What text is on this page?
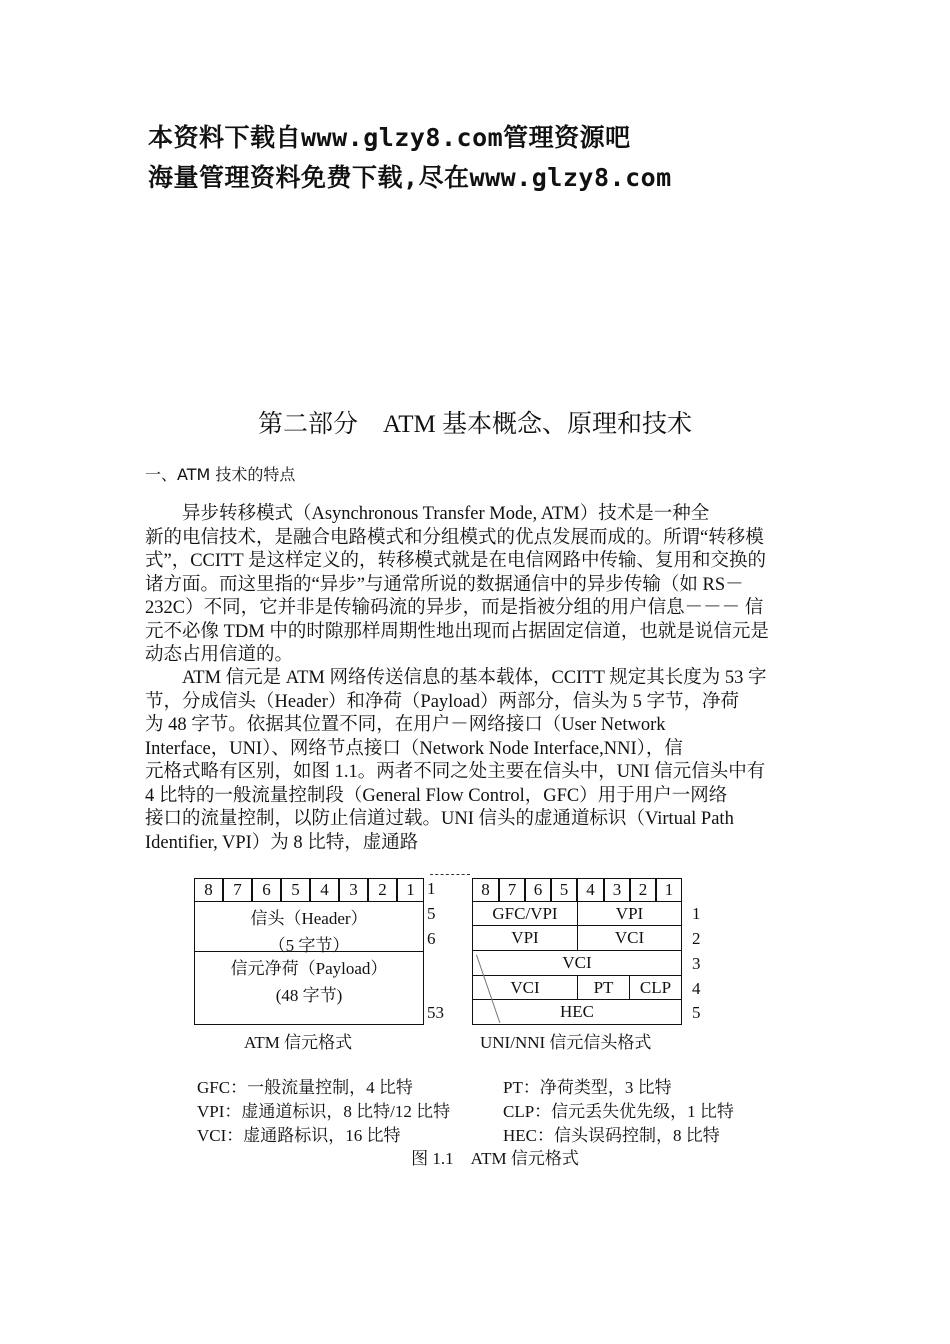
本资料下载自www.glzy8.com管理资源吧
海量管理资料免费下载,尽在www.glzy8.com
第二部分　ATM 基本概念、原理和技术
一、ATM 技术的特点
　　异步转移模式（Asynchronous Transfer Mode, ATM）技术是一种全
新的电信技术，是融合电路模式和分组模式的优点发展而成的。所谓“转移模
式”，CCITT 是这样定义的，转移模式就是在电信网路中传输、复用和交换的
诸方面。而这里指的“异步”与通常所说的数据通信中的异步传输（如 RS－
232C）不同，它并非是传输码流的异步，而是指被分组的用户信息－－－ 信
元不必像 TDM 中的时隙那样周期性地出现而占据固定信道，也就是说信元是
动态占用信道的。
　　ATM 信元是 ATM 网络传送信息的基本载体，CCITT 规定其长度为 53 字
节，分成信头（Header）和净荷（Payload）两部分，信头为 5 字节，净荷
为 48 字节。依据其位置不同，在用户－网络接口（User Network
Interface，UNI）、网络节点接口（Network Node Interface,NNI），信
元格式略有区别，如图 1.1。两者不同之处主要在信头中，UNI 信元信头中有
4 比特的一般流量控制段（General Flow Control，GFC）用于用户一网络
接口的流量控制，以防止信道过载。UNI 信头的虚通道标识（Virtual Path
Identifier, VPI）为 8 比特，虚通路
8	7	6	5	4	3	2	1
信头（Header）
（5 字节）
信元净荷（Payload）
(48 字节)
1
5
6
53
ATM 信元格式
8	7	6	5	4	3	2	1
GFC/VPI	VPI
VPI	VCI
VCI
VCI	PT	CLP
HEC
1
2
3
4
5
UNI/NNI 信元信头格式
GFC：一般流量控制，4 比特
VPI：虚通道标识，8 比特/12 比特
VCI：虚通路标识，16 比特
PT：净荷类型，3 比特
CLP：信元丢失优先级，1 比特
HEC：信头误码控制，8 比特
图 1.1　ATM 信元格式
